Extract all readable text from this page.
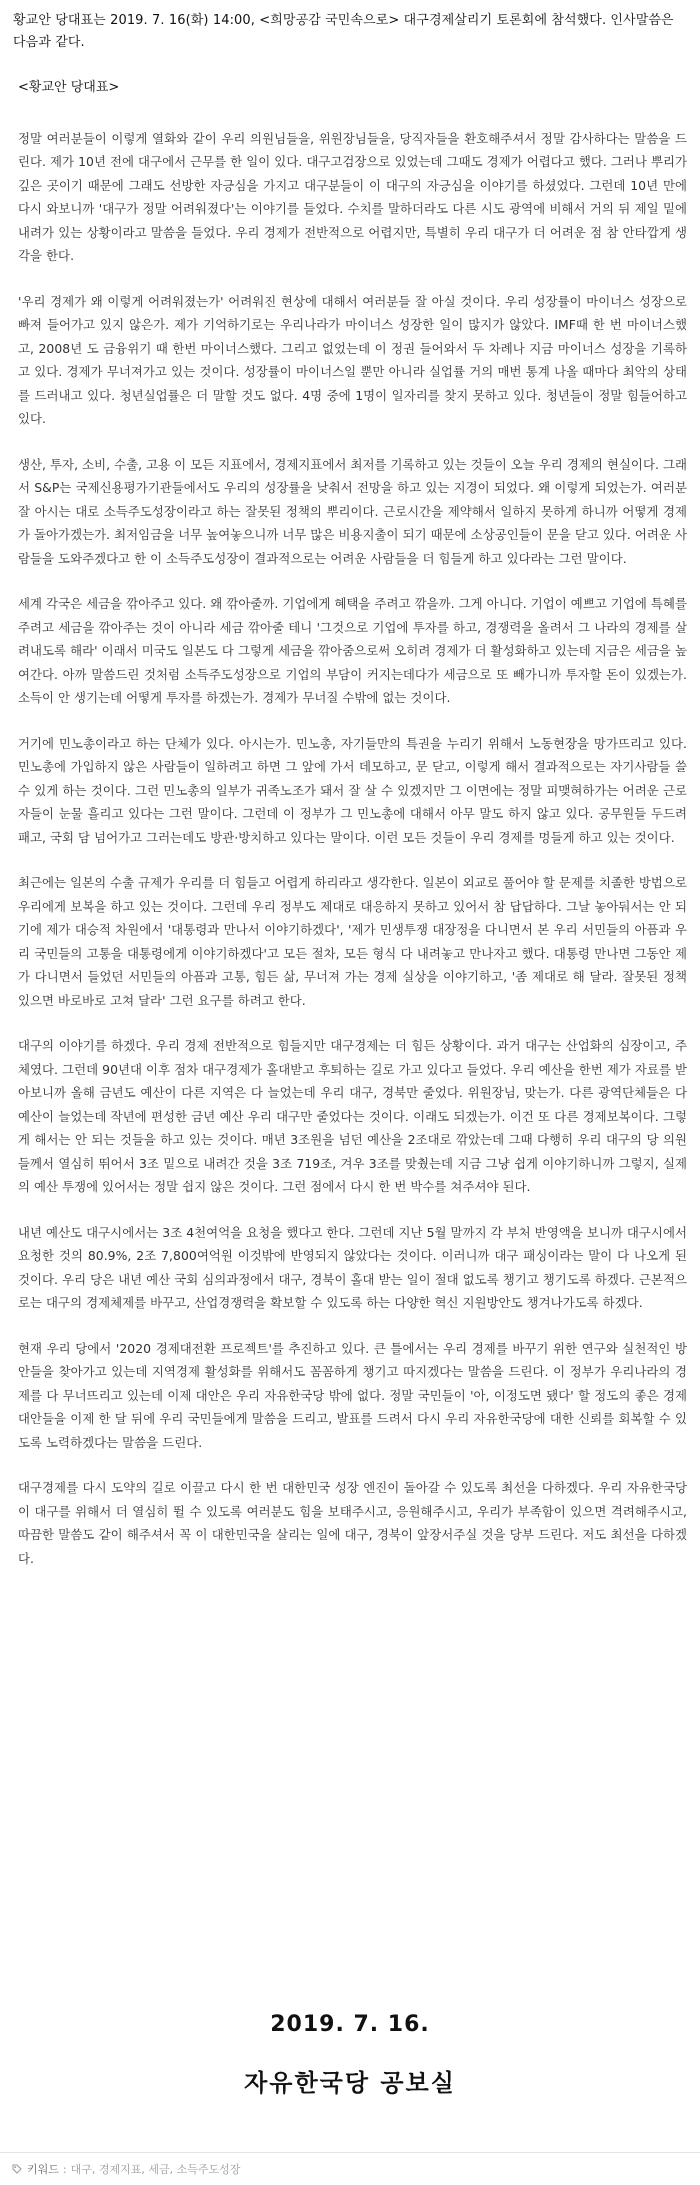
황교안 당대표는 2019. 7. 16(화) 14:00, <희망공감 국민속으로> 대구경제살리기 토론회에 참석했다. 인사말씀은 다음과 같다.

<황교안 당대표>

정말 여러분들이 이렇게 열화와 같이 우리 의원님들을, 위원장님들을, 당직자들을 환호해주셔서 정말 감사하다는 말씀을 드린다. 제가 10년 전에 대구에서 근무를 한 일이 있다. 대구고검장으로 있었는데 그때도 경제가 어렵다고 했다. 그러나 뿌리가 깊은 곳이기 때문에 그래도 선방한 자긍심을 가지고 대구분들이 이 대구의 자긍심을 이야기를 하셨었다. 그런데 10년 만에 다시 와보니까 '대구가 정말 어려워졌다'는 이야기를 들었다. 수치를 말하더라도 다른 시도 광역에 비해서 거의 뒤 제일 밑에 내려가 있는 상황이라고 말씀을 들었다. 우리 경제가 전반적으로 어렵지만, 특별히 우리 대구가 더 어려운 점 참 안타깝게 생각을 한다.

'우리 경제가 왜 이렇게 어려워졌는가' 어려워진 현상에 대해서 여러분들 잘 아실 것이다. 우리 성장률이 마이너스 성장으로 빠져 들어가고 있지 않은가. 제가 기억하기로는 우리나라가 마이너스 성장한 일이 많지가 않았다. IMF때 한 번 마이너스했고, 2008년 도 금융위기 때 한번 마이너스했다. 그리고 없었는데 이 정권 들어와서 두 차례나 지금 마이너스 성장을 기록하고 있다. 경제가 무너져가고 있는 것이다. 성장률이 마이너스일 뿐만 아니라 실업률 거의 매번 통계 나올 때마다 최악의 상태를 드러내고 있다. 청년실업률은 더 말할 것도 없다. 4명 중에 1명이 일자리를 찾지 못하고 있다. 청년들이 정말 힘들어하고 있다.

생산, 투자, 소비, 수출, 고용 이 모든 지표에서, 경제지표에서 최저를 기록하고 있는 것들이 오늘 우리 경제의 현실이다. 그래서 S&P는 국제신용평가기관들에서도 우리의 성장률을 낮춰서 전망을 하고 있는 지경이 되었다. 왜 이렇게 되었는가. 여러분 잘 아시는 대로 소득주도성장이라고 하는 잘못된 정책의 뿌리이다. 근로시간을 제약해서 일하지 못하게 하니까 어떻게 경제가 돌아가겠는가. 최저임금을 너무 높여놓으니까 너무 많은 비용지출이 되기 때문에 소상공인들이 문을 닫고 있다. 어려운 사람들을 도와주겠다고 한 이 소득주도성장이 결과적으로는 어려운 사람들을 더 힘들게 하고 있다라는 그런 말이다.

세계 각국은 세금을 깎아주고 있다. 왜 깎아줄까. 기업에게 혜택을 주려고 깎을까. 그게 아니다. 기업이 예쁘고 기업에 특혜를 주려고 세금을 깎아주는 것이 아니라 세금 깎아줄 테니 '그것으로 기업에 투자를 하고, 경쟁력을 올려서 그 나라의 경제를 살려내도록 해라' 이래서 미국도 일본도 다 그렇게 세금을 깎아줌으로써 오히려 경제가 더 활성화하고 있는데 지금은 세금을 높여간다. 아까 말씀드린 것처럼 소득주도성장으로 기업의 부담이 커지는데다가 세금으로 또 빼가니까 투자할 돈이 있겠는가. 소득이 안 생기는데 어떻게 투자를 하겠는가. 경제가 무너질 수밖에 없는 것이다.

거기에 민노총이라고 하는 단체가 있다. 아시는가. 민노총, 자기들만의 특권을 누리기 위해서 노동현장을 망가뜨리고 있다. 민노총에 가입하지 않은 사람들이 일하려고 하면 그 앞에 가서 데모하고, 문 닫고, 이렇게 해서 결과적으로는 자기사람들 쓸 수 있게 하는 것이다. 그런 민노총의 일부가 귀족노조가 돼서 잘 살 수 있겠지만 그 이면에는 정말 피맺혀하가는 어려운 근로자들이 눈물 흘리고 있다는 그런 말이다. 그런데 이 정부가 그 민노총에 대해서 아무 말도 하지 않고 있다. 공무원들 두드려 패고, 국회 담 넘어가고 그러는데도 방관·방치하고 있다는 말이다. 이런 모든 것들이 우리 경제를 멍들게 하고 있는 것이다.

최근에는 일본의 수출 규제가 우리를 더 힘들고 어렵게 하리라고 생각한다. 일본이 외교로 풀어야 할 문제를 치졸한 방법으로 우리에게 보복을 하고 있는 것이다. 그런데 우리 정부도 제대로 대응하지 못하고 있어서 참 답답하다. 그날 놓아둬서는 안 되기에 제가 대승적 차원에서 '대통령과 만나서 이야기하겠다', '제가 민생투쟁 대장정을 다니면서 본 우리 서민들의 아픔과 우리 국민들의 고통을 대통령에게 이야기하겠다'고 모든 절차, 모든 형식 다 내려놓고 만나자고 했다. 대통령 만나면 그동안 제가 다니면서 들었던 서민들의 아픔과 고통, 힘든 삶, 무너져 가는 경제 실상을 이야기하고, '좀 제대로 해 달라. 잘못된 정책 있으면 바로바로 고쳐 달라' 그런 요구를 하려고 한다.

대구의 이야기를 하겠다. 우리 경제 전반적으로 힘들지만 대구경제는 더 힘든 상황이다. 과거 대구는 산업화의 심장이고, 주체였다. 그런데 90년대 이후 점차 대구경제가 홀대받고 후퇴하는 길로 가고 있다고 들었다. 우리 예산을 한번 제가 자료를 받아보니까 올해 금년도 예산이 다른 지역은 다 늘었는데 우리 대구, 경북만 줄었다. 위원장님, 맞는가. 다른 광역단체들은 다 예산이 늘었는데 작년에 편성한 금년 예산 우리 대구만 줄었다는 것이다. 이래도 되겠는가. 이건 또 다른 경제보복이다. 그렇게 해서는 안 되는 것들을 하고 있는 것이다. 매년 3조원을 넘던 예산을 2조대로 깎았는데 그때 다행히 우리 대구의 당 의원들께서 열심히 뛰어서 3조 밑으로 내려간 것을 3조 719조, 겨우 3조를 맞췄는데 지금 그냥 쉽게 이야기하니까 그렇지, 실제의 예산 투쟁에 있어서는 정말 쉽지 않은 것이다. 그런 점에서 다시 한 번 박수를 쳐주셔야 된다.

내년 예산도 대구시에서는 3조 4천여억을 요청을 했다고 한다. 그런데 지난 5월 말까지 각 부처 반영액을 보니까 대구시에서 요청한 것의 80.9%, 2조 7,800여억원 이것밖에 반영되지 않았다는 것이다. 이러니까 대구 패싱이라는 말이 다 나오게 된 것이다. 우리 당은 내년 예산 국회 심의과정에서 대구, 경북이 홀대 받는 일이 절대 없도록 챙기고 챙기도록 하겠다. 근본적으로는 대구의 경제체제를 바꾸고, 산업경쟁력을 확보할 수 있도록 하는 다양한 혁신 지원방안도 챙겨나가도록 하겠다.

현재 우리 당에서 '2020 경제대전환 프로젝트'를 추진하고 있다. 큰 틀에서는 우리 경제를 바꾸기 위한 연구와 실천적인 방안들을 찾아가고 있는데 지역경제 활성화를 위해서도 꼼꼼하게 챙기고 따지겠다는 말씀을 드린다. 이 정부가 우리나라의 경제를 다 무너뜨리고 있는데 이제 대안은 우리 자유한국당 밖에 없다. 정말 국민들이 '아, 이정도면 됐다' 할 정도의 좋은 경제 대안들을 이제 한 달 뒤에 우리 국민들에게 말씀을 드리고, 발표를 드려서 다시 우리 자유한국당에 대한 신뢰를 회복할 수 있도록 노력하겠다는 말씀을 드린다.

대구경제를 다시 도약의 길로 이끌고 다시 한 번 대한민국 성장 엔진이 돌아갈 수 있도록 최선을 다하겠다. 우리 자유한국당이 대구를 위해서 더 열심히 뛸 수 있도록 여러분도 힘을 보태주시고, 응원해주시고, 우리가 부족함이 있으면 격려해주시고, 따끔한 말씀도 같이 해주셔서 꼭 이 대한민국을 살리는 일에 대구, 경북이 앞장서주실 것을 당부 드린다. 저도 최선을 다하겠다.

2019. 7. 16.
자유한국당 공보실
키워드 : 대구, 경제지표, 세금, 소득주도성장
